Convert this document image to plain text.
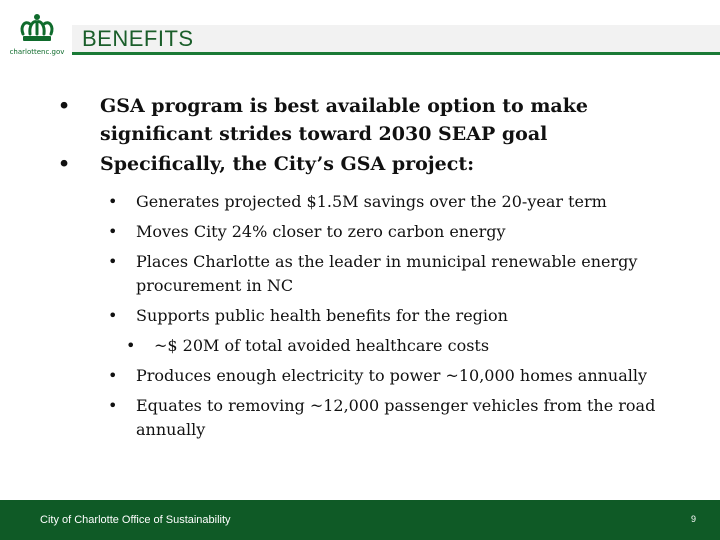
charlottenc.gov
BENEFITS
• GSA program is best available option to make significant strides toward 2030 SEAP goal
• Specifically, the City’s GSA project:
• Generates projected $1.5M savings over the 20-year term
• Moves City 24% closer to zero carbon energy
• Places Charlotte as the leader in municipal renewable energy procurement in NC
• Supports public health benefits for the region
• ~$ 20M of total avoided healthcare costs
• Produces enough electricity to power ~10,000 homes annually
• Equates to removing ~12,000 passenger vehicles from the road annually
City of Charlotte Office of Sustainability	9
